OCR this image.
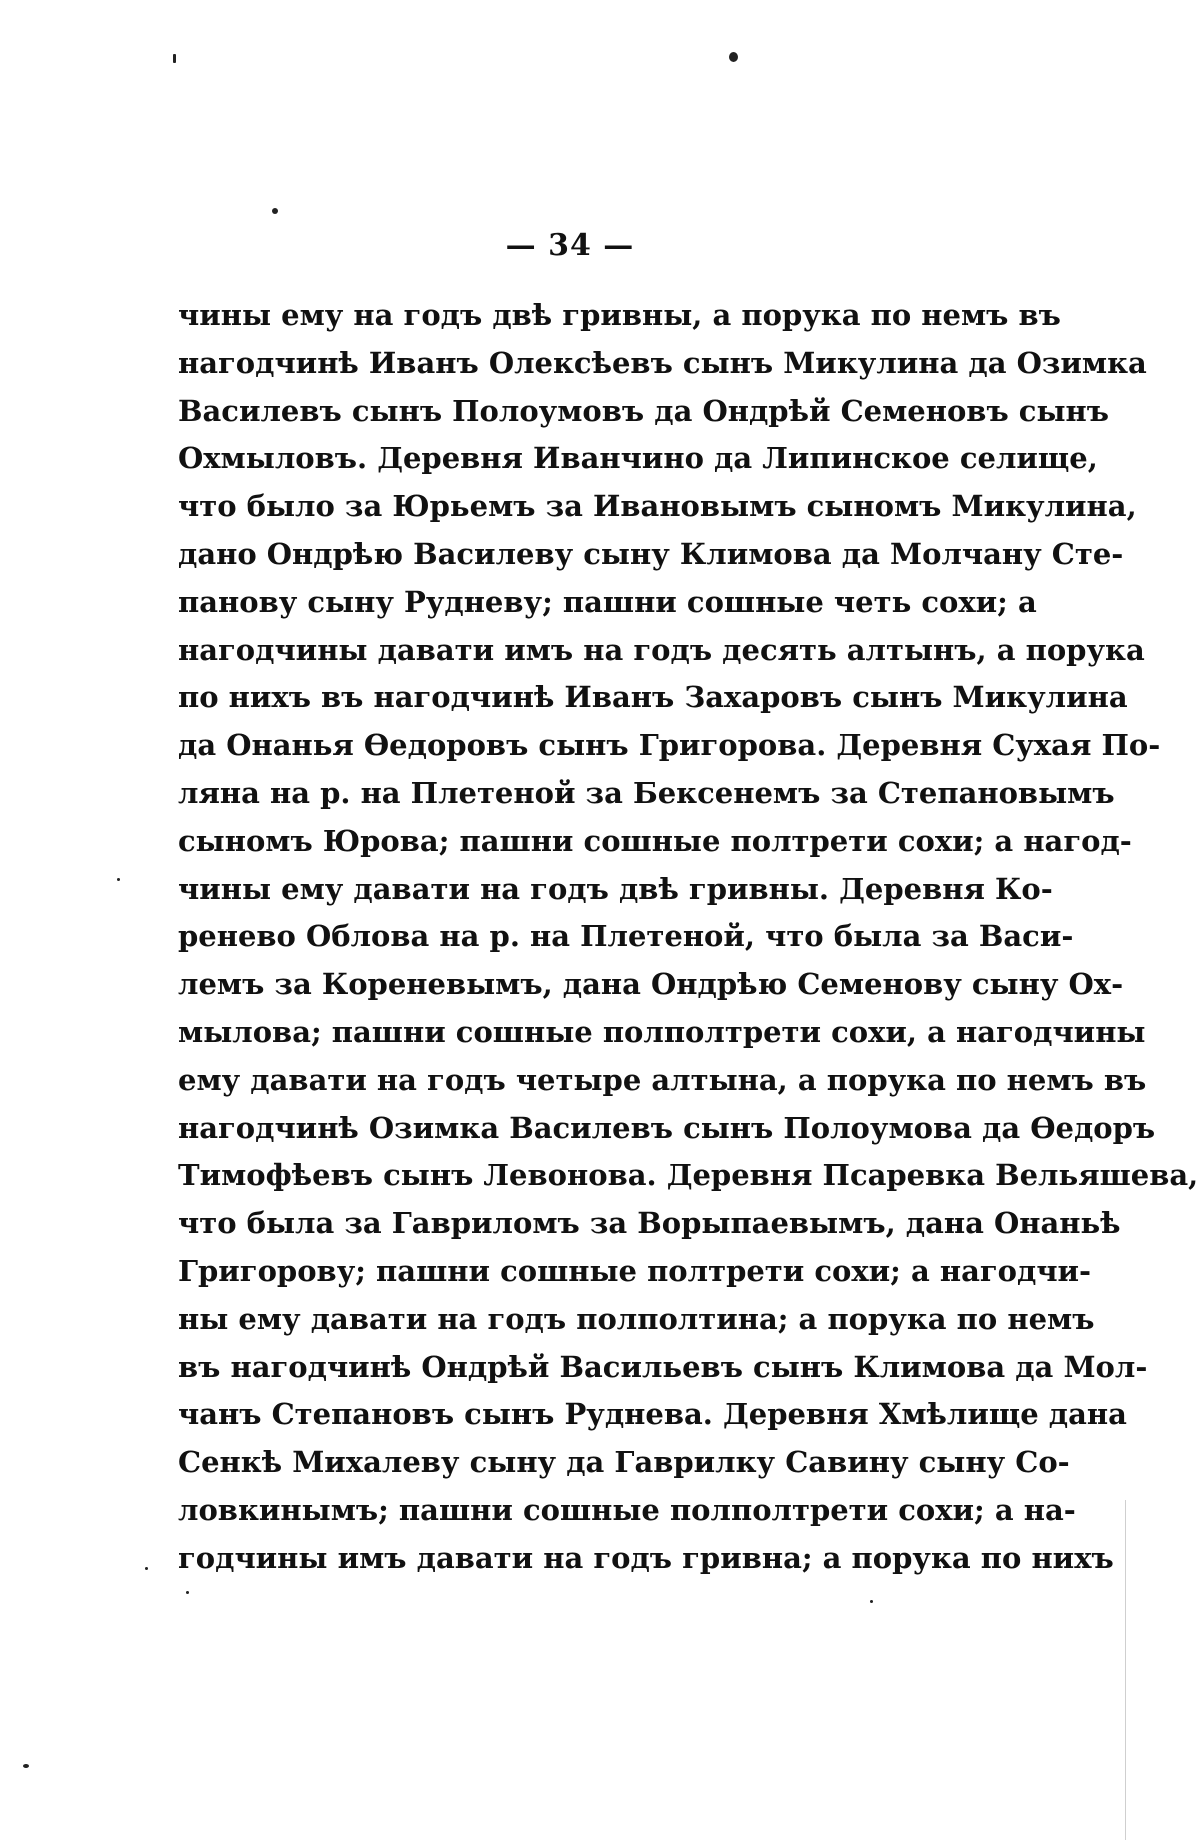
— 34 —
чины ему на годъ двѣ гривны, а порука по немъ въ
нагодчинѣ Иванъ Олексѣевъ сынъ Микулина да Озимка
Василевъ сынъ Полоумовъ да Ондрѣй Семеновъ сынъ
Охмыловъ. Деревня Иванчино да Липинское селище,
что было за Юрьемъ за Ивановымъ сыномъ Микулина,
дано Ондрѣю Василеву сыну Климова да Молчану Сте-
панову сыну Рудневу; пашни сошные четь сохи; а
нагодчины давати имъ на годъ десять алтынъ, а порука
по нихъ въ нагодчинѣ Иванъ Захаровъ сынъ Микулина
да Онанья Өедоровъ сынъ Григорова. Деревня Сухая По-
ляна на р. на Плетеной за Бексенемъ за Степановымъ
сыномъ Юрова; пашни сошные полтрети сохи; а нагод-
чины ему давати на годъ двѣ гривны. Деревня Ко-
ренево Облова на р. на Плетеной, что была за Васи-
лемъ за Кореневымъ, дана Ондрѣю Семенову сыну Ох-
мылова; пашни сошные полполтрети сохи, а нагодчины
ему давати на годъ четыре алтына, а порука по немъ въ
нагодчинѣ Озимка Василевъ сынъ Полоумова да Өедоръ
Тимофѣевъ сынъ Левонова. Деревня Псаревка Вельяшева,
что была за Гавриломъ за Ворыпаевымъ, дана Онаньѣ
Григорову; пашни сошные полтрети сохи; а нагодчи-
ны ему давати на годъ полполтина; а порука по немъ
въ нагодчинѣ Ондрѣй Васильевъ сынъ Климова да Мол-
чанъ Степановъ сынъ Руднева. Деревня Хмѣлище дана
Сенкѣ Михалеву сыну да Гаврилку Савину сыну Со-
ловкинымъ; пашни сошные полполтрети сохи; а на-
годчины имъ давати на годъ гривна; а порука по нихъ
